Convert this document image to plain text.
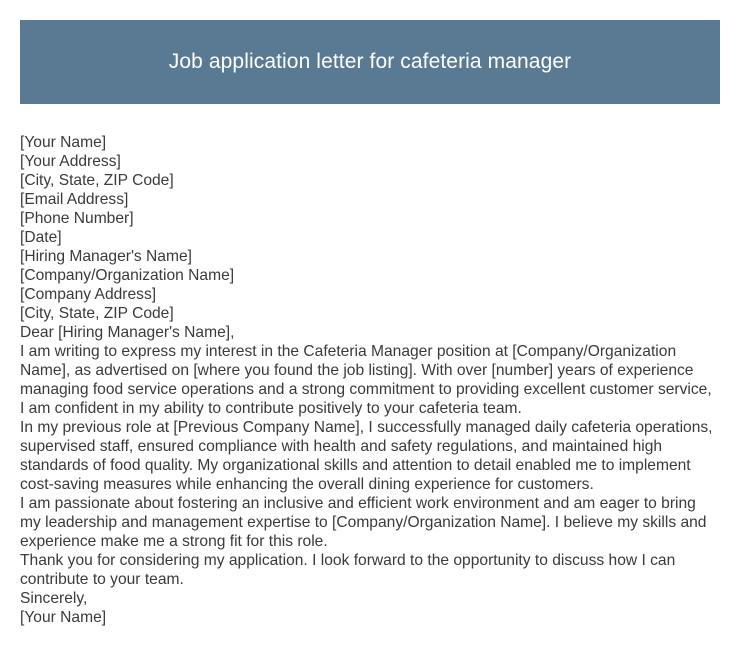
Job application letter for cafeteria manager

[Your Name]

[Your Address]

[City, State, ZIP Code]

[Email Address]

[Phone Number]

[Date]

[Hiring Manager's Name]

[Company/Organization Name]

[Company Address]

[City, State, ZIP Code]

Dear [Hiring Manager's Name],

I am writing to express my interest in the Cafeteria Manager position at [Company/Organization Name], as advertised on [where you found the job listing]. With over [number] years of experience managing food service operations and a strong commitment to providing excellent customer service, I am confident in my ability to contribute positively to your cafeteria team.

In my previous role at [Previous Company Name], I successfully managed daily cafeteria operations, supervised staff, ensured compliance with health and safety regulations, and maintained high standards of food quality. My organizational skills and attention to detail enabled me to implement cost-saving measures while enhancing the overall dining experience for customers.

I am passionate about fostering an inclusive and efficient work environment and am eager to bring my leadership and management expertise to [Company/Organization Name]. I believe my skills and experience make me a strong fit for this role.

Thank you for considering my application. I look forward to the opportunity to discuss how I can contribute to your team.

Sincerely,

[Your Name]
